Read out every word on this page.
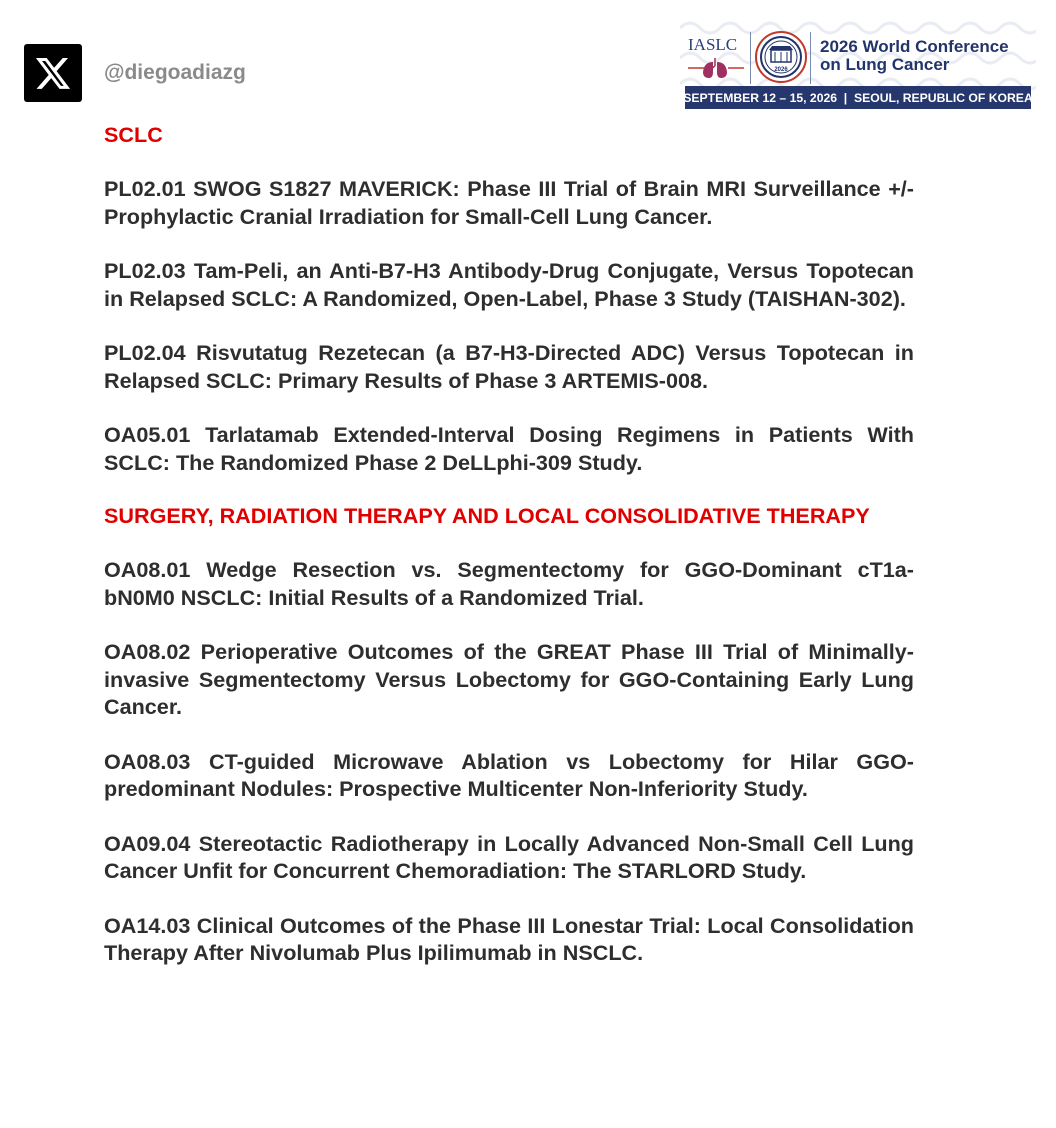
@diegoadiazg
IASLC
2026
2026 World Conference
on Lung Cancer
SEPTEMBER 12 – 15, 2026  |  SEOUL, REPUBLIC OF KOREA
SCLC

PL02.01 SWOG S1827 MAVERICK: Phase III Trial of Brain MRI Surveillance +/- Prophylactic Cranial Irradiation for Small-Cell Lung Cancer.

PL02.03 Tam-Peli, an Anti-B7-H3 Antibody-Drug Conjugate, Versus Topotecan in Relapsed SCLC: A Randomized, Open-Label, Phase 3 Study (TAISHAN-302).

PL02.04 Risvutatug Rezetecan (a B7-H3-Directed ADC) Versus Topotecan in Relapsed SCLC: Primary Results of Phase 3 ARTEMIS-008.

OA05.01 Tarlatamab Extended-Interval Dosing Regimens in Patients With SCLC: The Randomized Phase 2 DeLLphi-309 Study.

SURGERY, RADIATION THERAPY AND LOCAL CONSOLIDATIVE THERAPY

OA08.01 Wedge Resection vs. Segmentectomy for GGO-Dominant cT1a-bN0M0 NSCLC: Initial Results of a Randomized Trial.

OA08.02 Perioperative Outcomes of the GREAT Phase III Trial of Minimally-invasive Segmentectomy Versus Lobectomy for GGO-Containing Early Lung Cancer.

OA08.03 CT-guided Microwave Ablation vs Lobectomy for Hilar GGO-predominant Nodules: Prospective Multicenter Non-Inferiority Study.

OA09.04 Stereotactic Radiotherapy in Locally Advanced Non-Small Cell Lung Cancer Unfit for Concurrent Chemoradiation: The STARLORD Study.

OA14.03 Clinical Outcomes of the Phase III Lonestar Trial: Local Consolidation Therapy After Nivolumab Plus Ipilimumab in NSCLC.
